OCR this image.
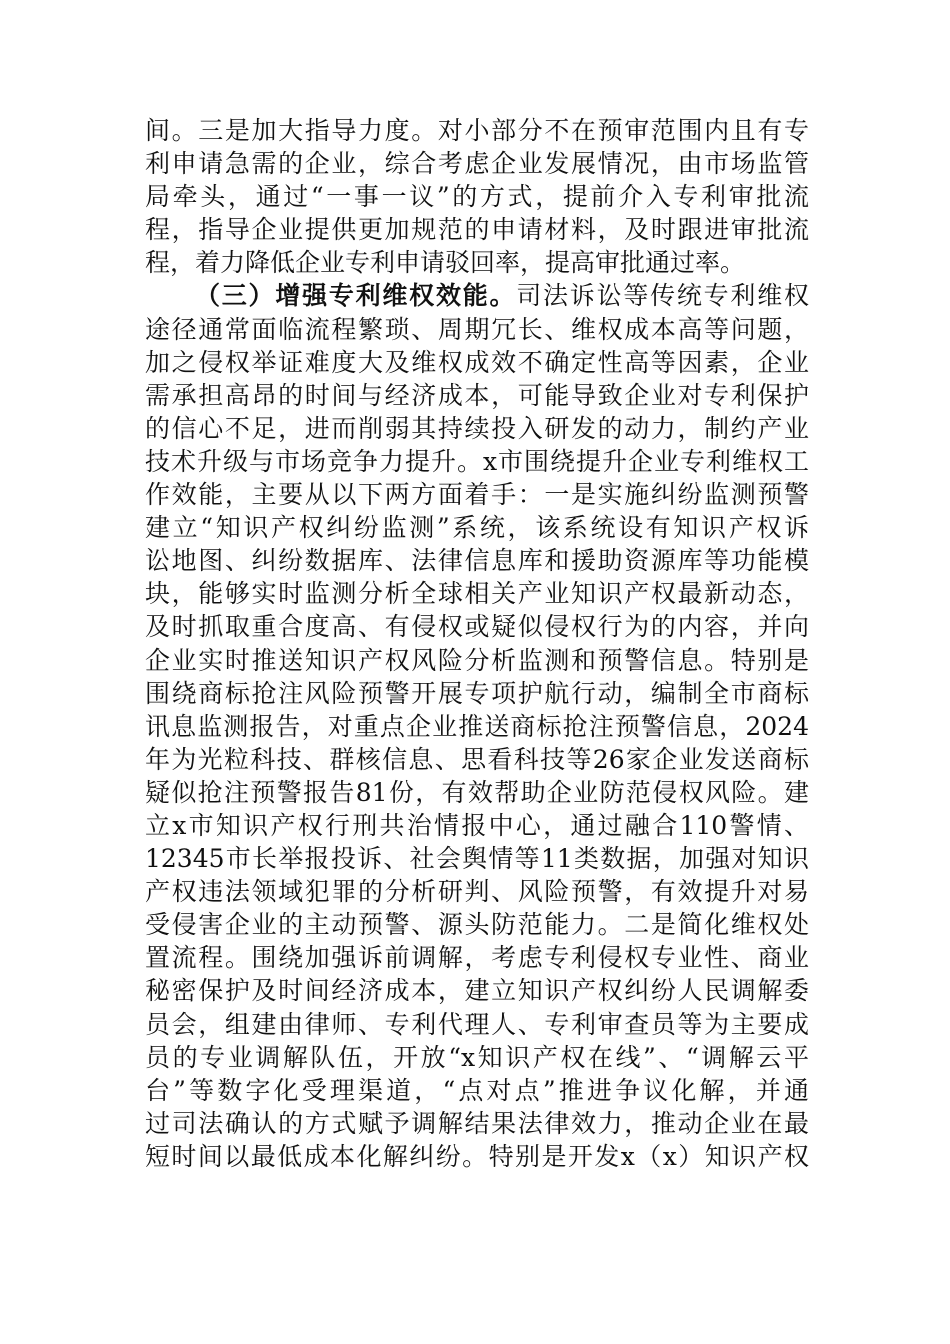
间。三是加大指导力度。对小部分不在预审范围内且有专
利申请急需的企业，综合考虑企业发展情况，由市场监管
局牵头，通过“一事一议”的方式，提前介入专利审批流
程，指导企业提供更加规范的申请材料，及时跟进审批流
程，着力降低企业专利申请驳回率，提高审批通过率。
（三）增强专利维权效能。司法诉讼等传统专利维权
途径通常面临流程繁琐、周期冗长、维权成本高等问题，
加之侵权举证难度大及维权成效不确定性高等因素，企业
需承担高昂的时间与经济成本，可能导致企业对专利保护
的信心不足，进而削弱其持续投入研发的动力，制约产业
技术升级与市场竞争力提升。x市围绕提升企业专利维权工
作效能，主要从以下两方面着手：一是实施纠纷监测预警
建立“知识产权纠纷监测”系统，该系统设有知识产权诉
讼地图、纠纷数据库、法律信息库和援助资源库等功能模
块，能够实时监测分析全球相关产业知识产权最新动态，
及时抓取重合度高、有侵权或疑似侵权行为的内容，并向
企业实时推送知识产权风险分析监测和预警信息。特别是
围绕商标抢注风险预警开展专项护航行动，编制全市商标
讯息监测报告，对重点企业推送商标抢注预警信息，2024
年为光粒科技、群核信息、思看科技等26家企业发送商标
疑似抢注预警报告81份，有效帮助企业防范侵权风险。建
立x市知识产权行刑共治情报中心，通过融合110警情、
12345市长举报投诉、社会舆情等11类数据，加强对知识
产权违法领域犯罪的分析研判、风险预警，有效提升对易
受侵害企业的主动预警、源头防范能力。二是简化维权处
置流程。围绕加强诉前调解，考虑专利侵权专业性、商业
秘密保护及时间经济成本，建立知识产权纠纷人民调解委
员会，组建由律师、专利代理人、专利审查员等为主要成
员的专业调解队伍，开放“x知识产权在线”、“调解云平
台”等数字化受理渠道，“点对点”推进争议化解，并通
过司法确认的方式赋予调解结果法律效力，推动企业在最
短时间以最低成本化解纠纷。特别是开发x（x）知识产权
